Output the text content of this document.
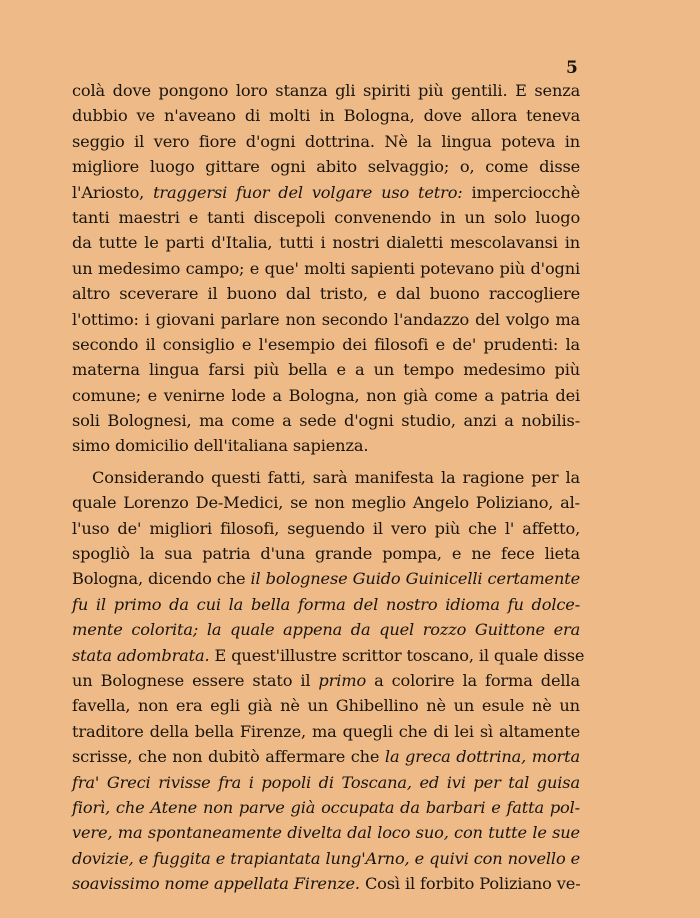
5
colà dove pongono loro stanza gli spiriti più gentili. E senza
dubbio ve n'aveano di molti in Bologna, dove allora teneva
seggio il vero fiore d'ogni dottrina. Nè la lingua poteva in
migliore luogo gittare ogni abito selvaggio; o, come disse
l'Ariosto, traggersi fuor del volgare uso tetro: imperciocchè
tanti maestri e tanti discepoli convenendo in un solo luogo
da tutte le parti d'Italia, tutti i nostri dialetti mescolavansi in
un medesimo campo; e que' molti sapienti potevano più d'ogni
altro sceverare il buono dal tristo, e dal buono raccogliere
l'ottimo: i giovani parlare non secondo l'andazzo del volgo ma
secondo il consiglio e l'esempio dei filosofi e de' prudenti: la
materna lingua farsi più bella e a un tempo medesimo più
comune; e venirne lode a Bologna, non già come a patria dei
soli Bolognesi, ma come a sede d'ogni studio, anzi a nobilis-
simo domicilio dell'italiana sapienza.
Considerando questi fatti, sarà manifesta la ragione per la
quale Lorenzo De-Medici, se non meglio Angelo Poliziano, al-
l'uso de' migliori filosofi, seguendo il vero più che l' affetto,
spogliò la sua patria d'una grande pompa, e ne fece lieta
Bologna, dicendo che il bolognese Guido Guinicelli certamente
fu il primo da cui la bella forma del nostro idioma fu dolce-
mente colorita; la quale appena da quel rozzo Guittone era
stata adombrata. E quest'illustre scrittor toscano, il quale disse
un Bolognese essere stato il primo a colorire la forma della
favella, non era egli già nè un Ghibellino nè un esule nè un
traditore della bella Firenze, ma quegli che di lei sì altamente
scrisse, che non dubitò affermare che la greca dottrina, morta
fra' Greci rivisse fra i popoli di Toscana, ed ivi per tal guisa
fiorì, che Atene non parve già occupata da barbari e fatta pol-
vere, ma spontaneamente divelta dal loco suo, con tutte le sue
dovizie, e fuggita e trapiantata lung'Arno, e quivi con novello e
soavissimo nome appellata Firenze. Così il forbito Poliziano ve-
